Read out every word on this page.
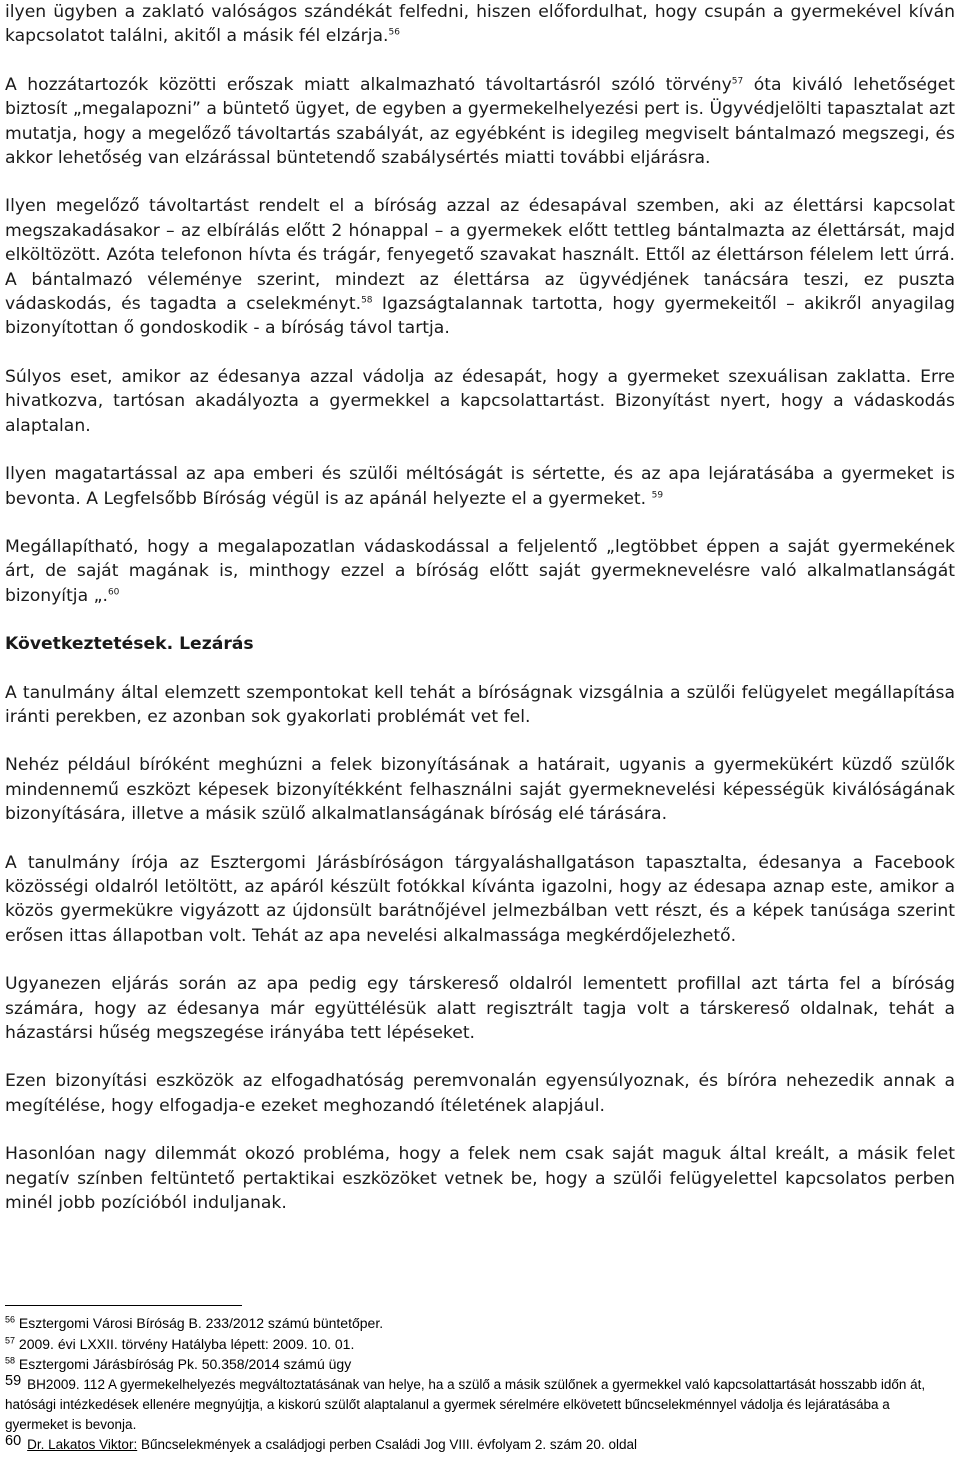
ilyen ügyben a zaklató valóságos szándékát felfedni, hiszen előfordulhat, hogy csupán a gyermekével kíván kapcsolatot találni, akitől a másik fél elzárja.$^{56}$

A hozzátartozók közötti erőszak miatt alkalmazható távoltartásról szóló törvény$^{57}$ óta kiváló lehetőséget biztosít „megalapozni” a büntető ügyet, de egyben a gyermekelhelyezési pert is. Ügyvédjelölti tapasztalat azt mutatja, hogy a megelőző távoltartás szabályát, az egyébként is idegileg megviselt bántalmazó megszegi, és akkor lehetőség van elzárással büntetendő szabálysértés miatti további eljárásra.

Ilyen megelőző távoltartást rendelt el a bíróság azzal az édesapával szemben, aki az élettársi kapcsolat megszakadásakor – az elbírálás előtt 2 hónappal – a gyermekek előtt tettleg bántalmazta az élettársát, majd elköltözött. Azóta telefonon hívta és trágár, fenyegető szavakat használt. Ettől az élettárson félelem lett úrrá. A bántalmazó véleménye szerint, mindezt az élettársa az ügyvédjének tanácsára teszi, ez puszta vádaskodás, és tagadta a cselekményt.$^{58}$ Igazságtalannak tartotta, hogy gyermekeitől – akikről anyagilag bizonyítottan ő gondoskodik - a bíróság távol tartja.

Súlyos eset, amikor az édesanya azzal vádolja az édesapát, hogy a gyermeket szexuálisan zaklatta. Erre hivatkozva, tartósan akadályozta a gyermekkel a kapcsolattartást. Bizonyítást nyert, hogy a vádaskodás alaptalan.

Ilyen magatartással az apa emberi és szülői méltóságát is sértette, és az apa lejáratásába a gyermeket is bevonta. A Legfelsőbb Bíróság végül is az apánál helyezte el a gyermeket. $^{59}$

Megállapítható, hogy a megalapozatlan vádaskodással a feljelentő „legtöbbet éppen a saját gyermekének árt, de saját magának is, minthogy ezzel a bíróság előtt saját gyermeknevelésre való alkalmatlanságát bizonyítja „.$^{60}$

Következtetések. Lezárás

A tanulmány által elemzett szempontokat kell tehát a bíróságnak vizsgálnia a szülői felügyelet megállapítása iránti perekben, ez azonban sok gyakorlati problémát vet fel.

Nehéz például bíróként meghúzni a felek bizonyításának a határait, ugyanis a gyermekükért küzdő szülők mindennemű eszközt képesek bizonyítékként felhasználni saját gyermeknevelési képességük kiválóságának bizonyítására, illetve a másik szülő alkalmatlanságának bíróság elé tárására.

A tanulmány írója az Esztergomi Járásbíróságon tárgyaláshallgatáson tapasztalta, édesanya a Facebook közösségi oldalról letöltött, az apáról készült fotókkal kívánta igazolni, hogy az édesapa aznap este, amikor a közös gyermekükre vigyázott az újdonsült barátnőjével jelmezbálban vett részt, és a képek tanúsága szerint erősen ittas állapotban volt. Tehát az apa nevelési alkalmassága megkérdőjelezhető.

Ugyanezen eljárás során az apa pedig egy társkereső oldalról lementett profillal azt tárta fel a bíróság számára, hogy az édesanya már együttélésük alatt regisztrált tagja volt a társkereső oldalnak, tehát a házastársi hűség megszegése irányába tett lépéseket.

Ezen bizonyítási eszközök az elfogadhatóság peremvonalán egyensúlyoznak, és bíróra nehezedik annak a megítélése, hogy elfogadja-e ezeket meghozandó ítéletének alapjául.

Hasonlóan nagy dilemmát okozó probléma, hogy a felek nem csak saját maguk által kreált, a másik felet negatív színben feltüntető pertaktikai eszközöket vetnek be, hogy a szülői felügyelettel kapcsolatos perben minél jobb pozícióból induljanak.

$^{56}$ Esztergomi Városi Bíróság B. 233/2012 számú büntetőper.

$^{57}$ 2009. évi LXXII. törvény Hatályba lépett: 2009. 10. 01.

$^{58}$ Esztergomi Járásbíróság Pk. 50.358/2014 számú ügy

59 BH2009. 112 A gyermekelhelyezés megváltoztatásának van helye, ha a szülő a másik szülőnek a gyermekkel való kapcsolattartását hosszabb időn át, hatósági intézkedések ellenére megnyújtja, a kiskorú szülőt alaptalanul a gyermek sérelmére elkövetett bűncselekménnyel vádolja és lejáratásába a gyermeket is bevonja.

60 Dr. Lakatos Viktor: Bűncselekmények a családjogi perben Családi Jog VIII. évfolyam 2. szám 20. oldal
